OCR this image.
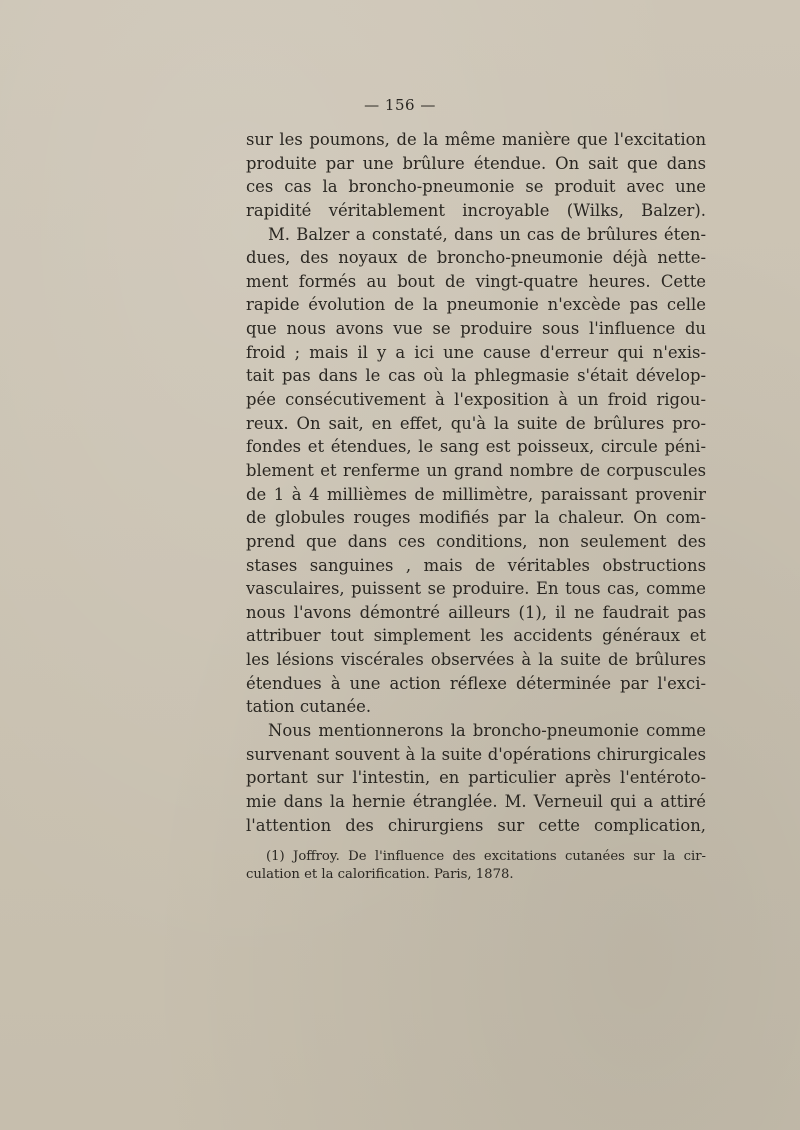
— 156 —
sur les poumons, de la même manière que l'excitation
produite par une brûlure étendue. On sait que dans
ces cas la broncho-pneumonie se produit avec une
rapidité véritablement incroyable (Wilks, Balzer).
M. Balzer a constaté, dans un cas de brûlures éten-
dues, des noyaux de broncho-pneumonie déjà nette-
ment formés au bout de vingt-quatre heures. Cette
rapide évolution de la pneumonie n'excède pas celle
que nous avons vue se produire sous l'influence du
froid ; mais il y a ici une cause d'erreur qui n'exis-
tait pas dans le cas où la phlegmasie s'était dévelop-
pée consécutivement à l'exposition à un froid rigou-
reux. On sait, en effet, qu'à la suite de brûlures pro-
fondes et étendues, le sang est poisseux, circule péni-
blement et renferme un grand nombre de corpuscules
de 1 à 4 millièmes de millimètre, paraissant provenir
de globules rouges modifiés par la chaleur. On com-
prend que dans ces conditions, non seulement des
stases sanguines , mais de véritables obstructions
vasculaires, puissent se produire. En tous cas, comme
nous l'avons démontré ailleurs (1), il ne faudrait pas
attribuer tout simplement les accidents généraux et
les lésions viscérales observées à la suite de brûlures
étendues à une action réflexe déterminée par l'exci-
tation cutanée.
Nous mentionnerons la broncho-pneumonie comme
survenant souvent à la suite d'opérations chirurgicales
portant sur l'intestin, en particulier après l'entéroto-
mie dans la hernie étranglée. M. Verneuil qui a attiré
l'attention des chirurgiens sur cette complication,
(1) Joffroy. De l'influence des excitations cutanées sur la cir-
culation et la calorification. Paris, 1878.
